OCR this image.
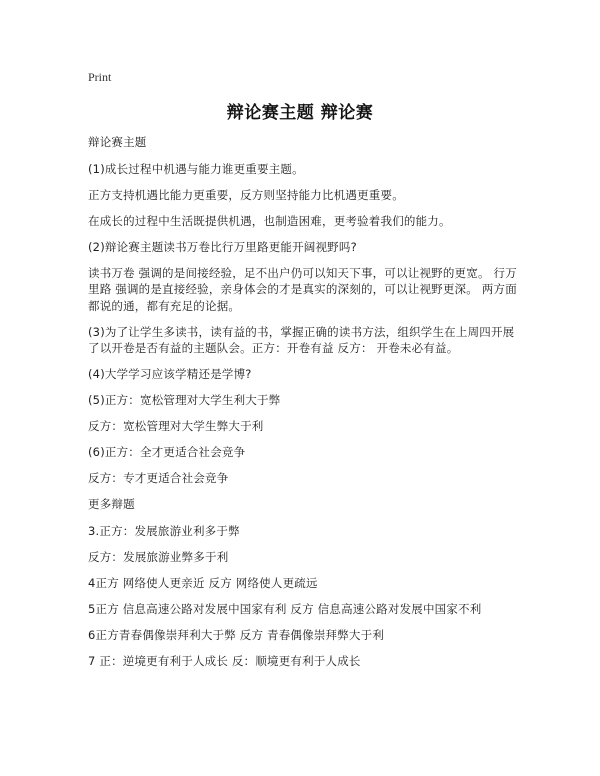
Print
辩论赛主题 辩论赛

辩论赛主题

(1)成长过程中机遇与能力谁更重要主题。

正方支持机遇比能力更重要，反方则坚持能力比机遇更重要。

在成长的过程中生活既提供机遇，也制造困难，更考验着我们的能力。

(2)辩论赛主题读书万卷比行万里路更能开阔视野吗?

读书万卷 强调的是间接经验，足不出户仍可以知天下事，可以让视野的更宽。 行万里路 强调的是直接经验，亲身体会的才是真实的深刻的，可以让视野更深。 两方面都说的通，都有充足的论据。

(3)为了让学生多读书，读有益的书，掌握正确的读书方法，组织学生在上周四开展了以开卷是否有益的主题队会。正方：开卷有益 反方： 开卷未必有益。

(4)大学学习应该学精还是学博?

(5)正方：宽松管理对大学生利大于弊

反方：宽松管理对大学生弊大于利

(6)正方：全才更适合社会竞争

反方：专才更适合社会竞争

更多辩题

3.正方：发展旅游业利多于弊

反方：发展旅游业弊多于利

4正方 网络使人更亲近 反方 网络使人更疏远

5正方 信息高速公路对发展中国家有利 反方 信息高速公路对发展中国家不利

6正方青春偶像崇拜利大于弊 反方 青春偶像崇拜弊大于利

7 正：逆境更有利于人成长 反：顺境更有利于人成长
